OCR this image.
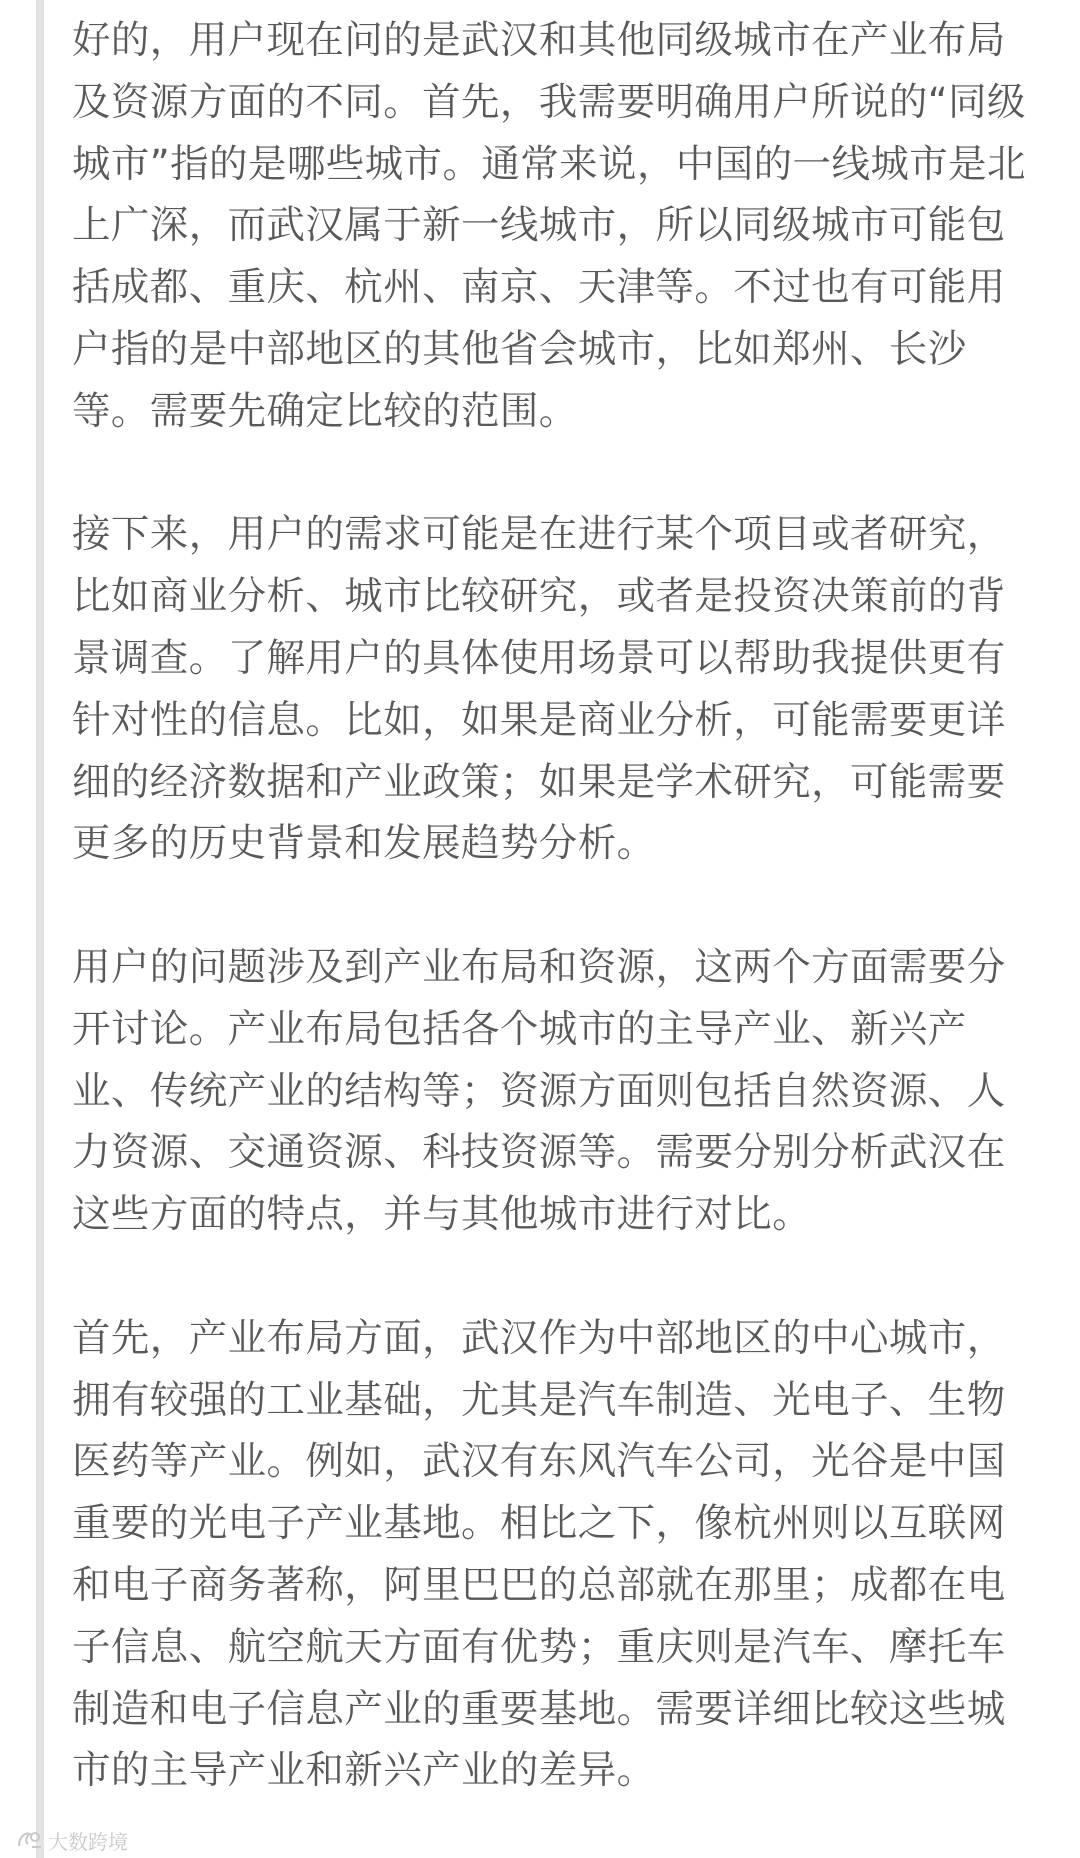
好的，用户现在问的是武汉和其他同级城市在产业布局及资源方面的不同。首先，我需要明确用户所说的“同级城市”指的是哪些城市。通常来说，中国的一线城市是北上广深，而武汉属于新一线城市，所以同级城市可能包括成都、重庆、杭州、南京、天津等。不过也有可能用户指的是中部地区的其他省会城市，比如郑州、长沙等。需要先确定比较的范围。

接下来，用户的需求可能是在进行某个项目或者研究，比如商业分析、城市比较研究，或者是投资决策前的背景调查。了解用户的具体使用场景可以帮助我提供更有针对性的信息。比如，如果是商业分析，可能需要更详细的经济数据和产业政策；如果是学术研究，可能需要更多的历史背景和发展趋势分析。

用户的问题涉及到产业布局和资源，这两个方面需要分开讨论。产业布局包括各个城市的主导产业、新兴产业、传统产业的结构等；资源方面则包括自然资源、人力资源、交通资源、科技资源等。需要分别分析武汉在这些方面的特点，并与其他城市进行对比。

首先，产业布局方面，武汉作为中部地区的中心城市，拥有较强的工业基础，尤其是汽车制造、光电子、生物医药等产业。例如，武汉有东风汽车公司，光谷是中国重要的光电子产业基地。相比之下，像杭州则以互联网和电子商务著称，阿里巴巴的总部就在那里；成都在电子信息、航空航天方面有优势；重庆则是汽车、摩托车制造和电子信息产业的重要基地。需要详细比较这些城市的主导产业和新兴产业的差异。

大数跨境
